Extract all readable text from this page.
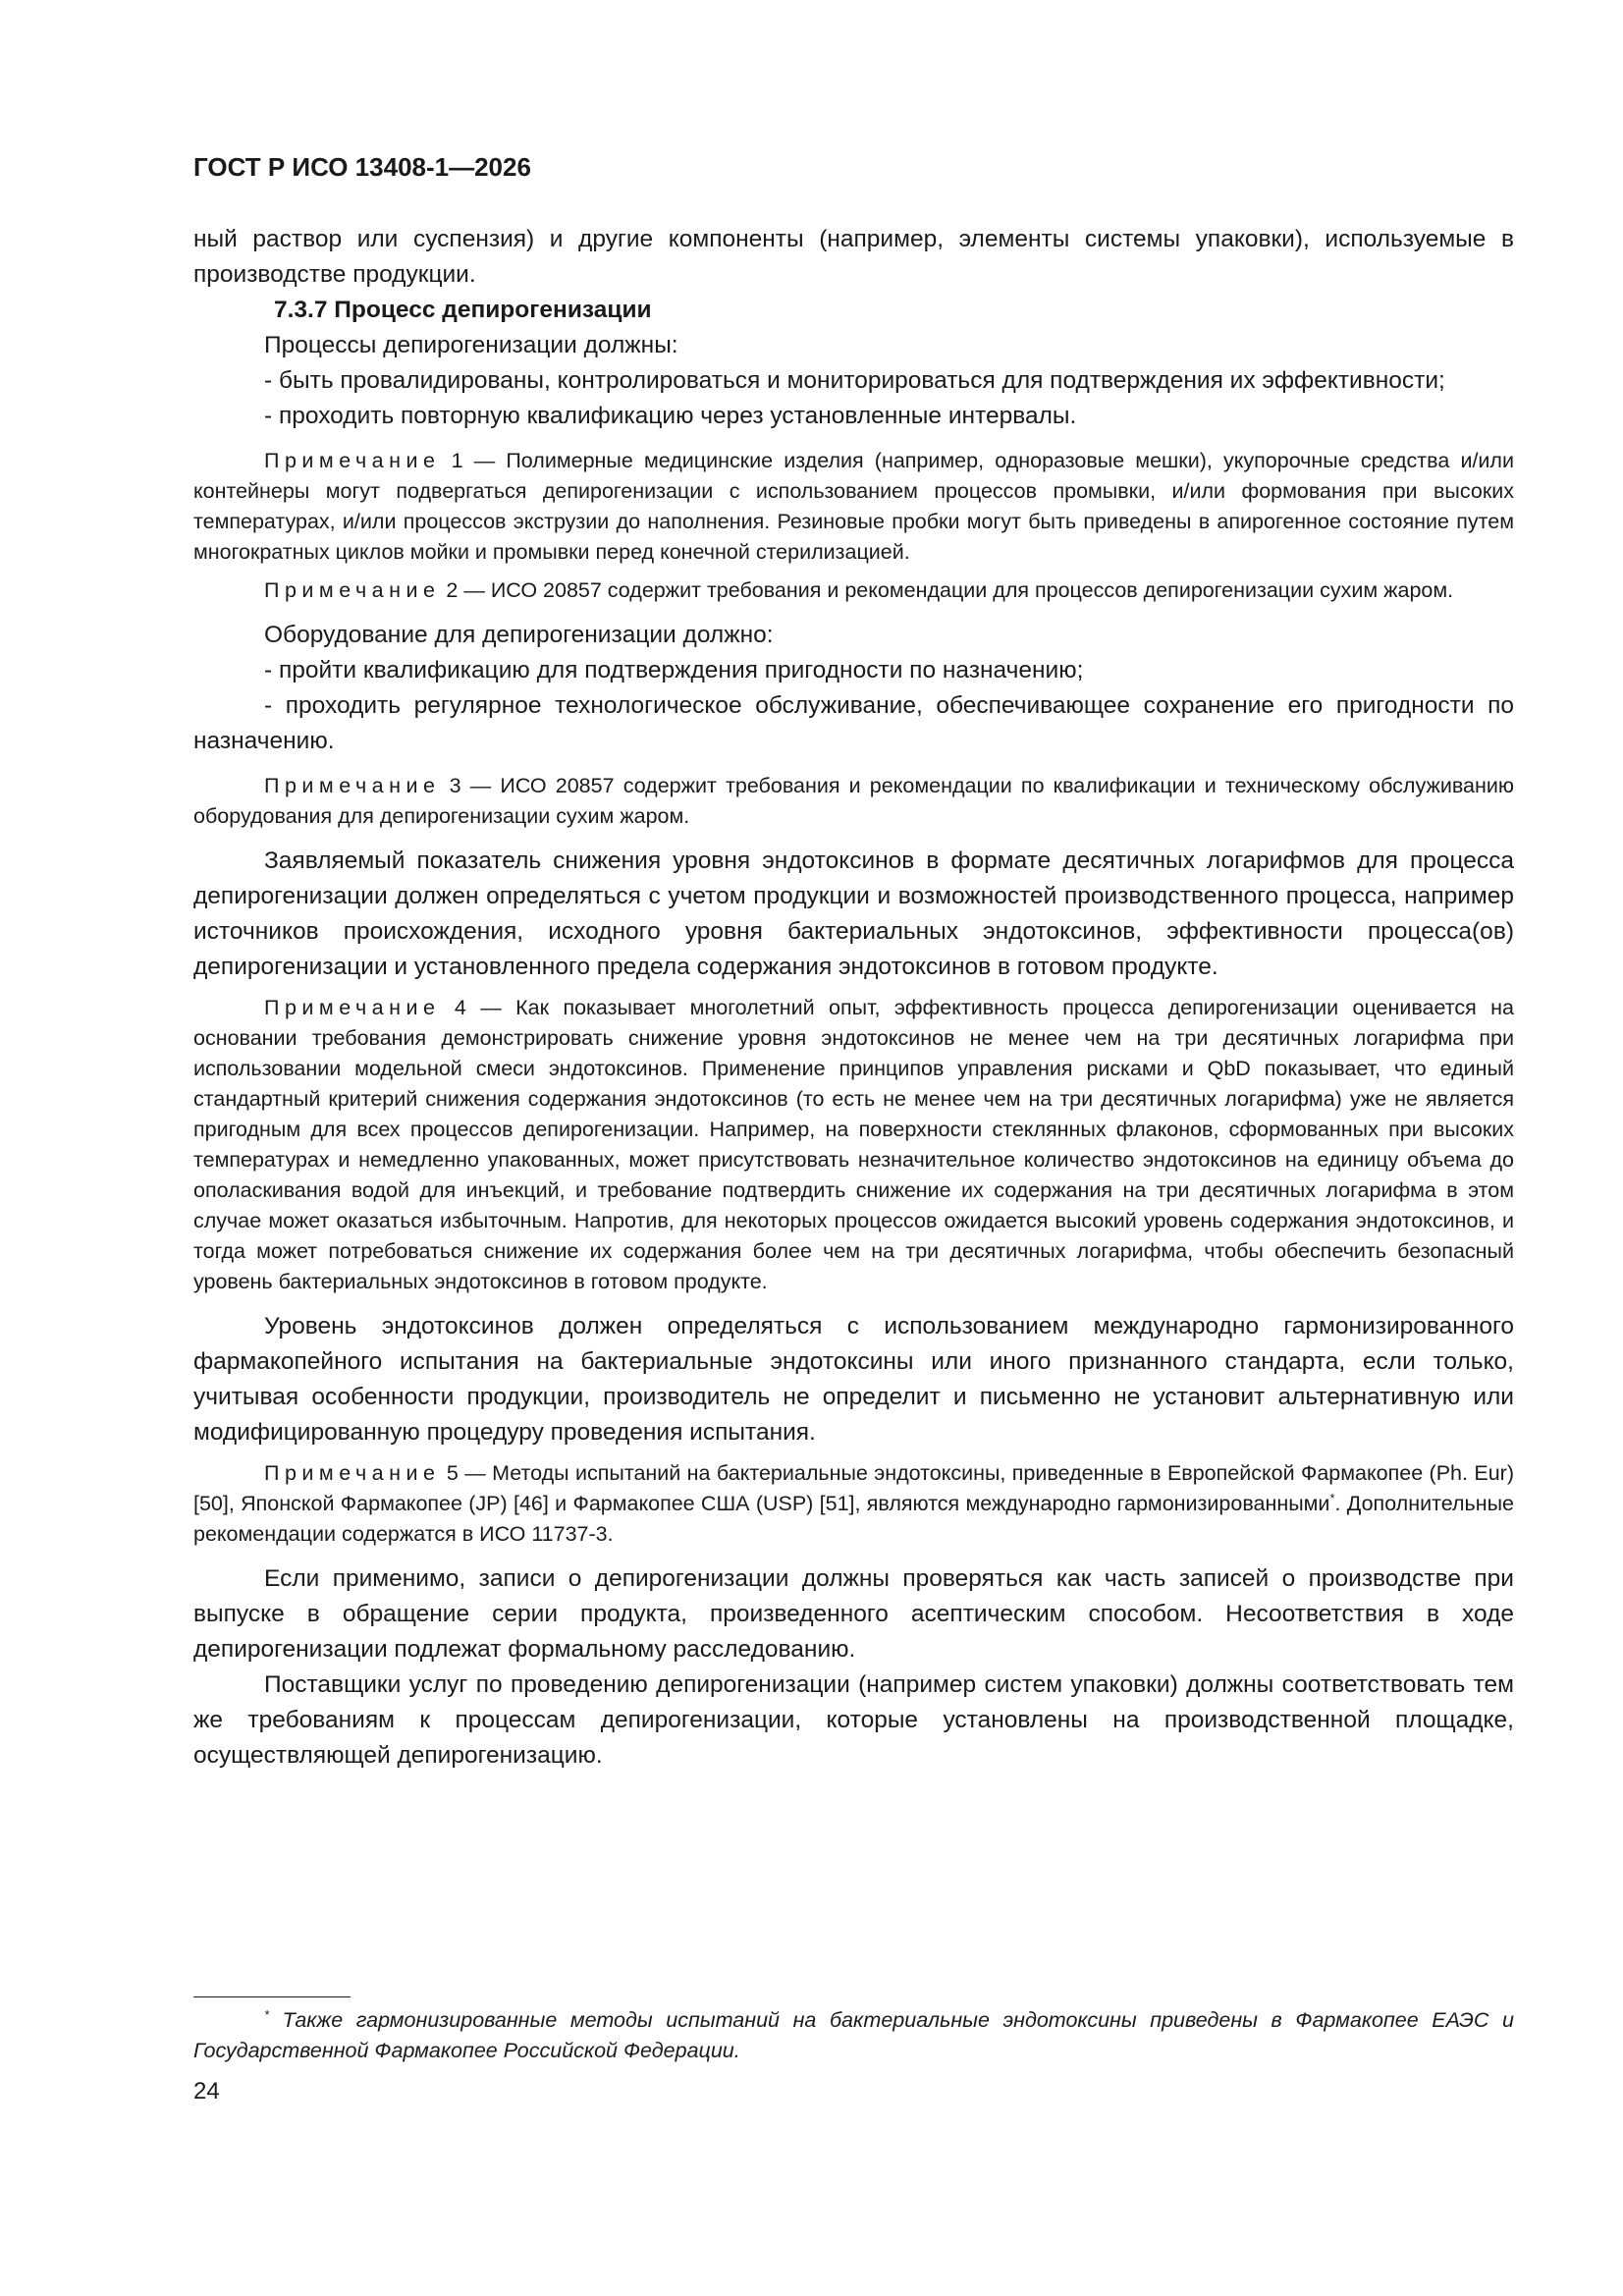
ГОСТ Р ИСО 13408-1—2026

ный раствор или суспензия) и другие компоненты (например, элементы системы упаковки), используемые в производстве продукции.

7.3.7 Процесс депирогенизации

Процессы депирогенизации должны:

- быть провалидированы, контролироваться и мониторироваться для подтверждения их эффективности;

- проходить повторную квалификацию через установленные интервалы.

Примечание 1 — Полимерные медицинские изделия (например, одноразовые мешки), укупорочные средства и/или контейнеры могут подвергаться депирогенизации с использованием процессов промывки, и/или формования при высоких температурах, и/или процессов экструзии до наполнения. Резиновые пробки могут быть приведены в апирогенное состояние путем многократных циклов мойки и промывки перед конечной стерилизацией.

Примечание 2 — ИСО 20857 содержит требования и рекомендации для процессов депирогенизации сухим жаром.

Оборудование для депирогенизации должно:

- пройти квалификацию для подтверждения пригодности по назначению;

- проходить регулярное технологическое обслуживание, обеспечивающее сохранение его пригодности по назначению.

Примечание 3 — ИСО 20857 содержит требования и рекомендации по квалификации и техническому обслуживанию оборудования для депирогенизации сухим жаром.

Заявляемый показатель снижения уровня эндотоксинов в формате десятичных логарифмов для процесса депирогенизации должен определяться с учетом продукции и возможностей производственного процесса, например источников происхождения, исходного уровня бактериальных эндотоксинов, эффективности процесса(ов) депирогенизации и установленного предела содержания эндотоксинов в готовом продукте.

Примечание 4 — Как показывает многолетний опыт, эффективность процесса депирогенизации оценивается на основании требования демонстрировать снижение уровня эндотоксинов не менее чем на три десятичных логарифма при использовании модельной смеси эндотоксинов. Применение принципов управления рисками и QbD показывает, что единый стандартный критерий снижения содержания эндотоксинов (то есть не менее чем на три десятичных логарифма) уже не является пригодным для всех процессов депирогенизации. Например, на поверхности стеклянных флаконов, сформованных при высоких температурах и немедленно упакованных, может присутствовать незначительное количество эндотоксинов на единицу объема до ополаскивания водой для инъекций, и требование подтвердить снижение их содержания на три десятичных логарифма в этом случае может оказаться избыточным. Напротив, для некоторых процессов ожидается высокий уровень содержания эндотоксинов, и тогда может потребоваться снижение их содержания более чем на три десятичных логарифма, чтобы обеспечить безопасный уровень бактериальных эндотоксинов в готовом продукте.

Уровень эндотоксинов должен определяться с использованием международно гармонизированного фармакопейного испытания на бактериальные эндотоксины или иного признанного стандарта, если только, учитывая особенности продукции, производитель не определит и письменно не установит альтернативную или модифицированную процедуру проведения испытания.

Примечание 5 — Методы испытаний на бактериальные эндотоксины, приведенные в Европейской Фармакопее (Ph. Eur) [50], Японской Фармакопее (JP) [46] и Фармакопее США (USP) [51], являются международно гармонизированными*. Дополнительные рекомендации содержатся в ИСО 11737-3.

Если применимо, записи о депирогенизации должны проверяться как часть записей о производстве при выпуске в обращение серии продукта, произведенного асептическим способом. Несоответствия в ходе депирогенизации подлежат формальному расследованию.

Поставщики услуг по проведению депирогенизации (например систем упаковки) должны соответствовать тем же требованиям к процессам депирогенизации, которые установлены на производственной площадке, осуществляющей депирогенизацию.

* Также гармонизированные методы испытаний на бактериальные эндотоксины приведены в Фармакопее ЕАЭС и Государственной Фармакопее Российской Федерации.

24
